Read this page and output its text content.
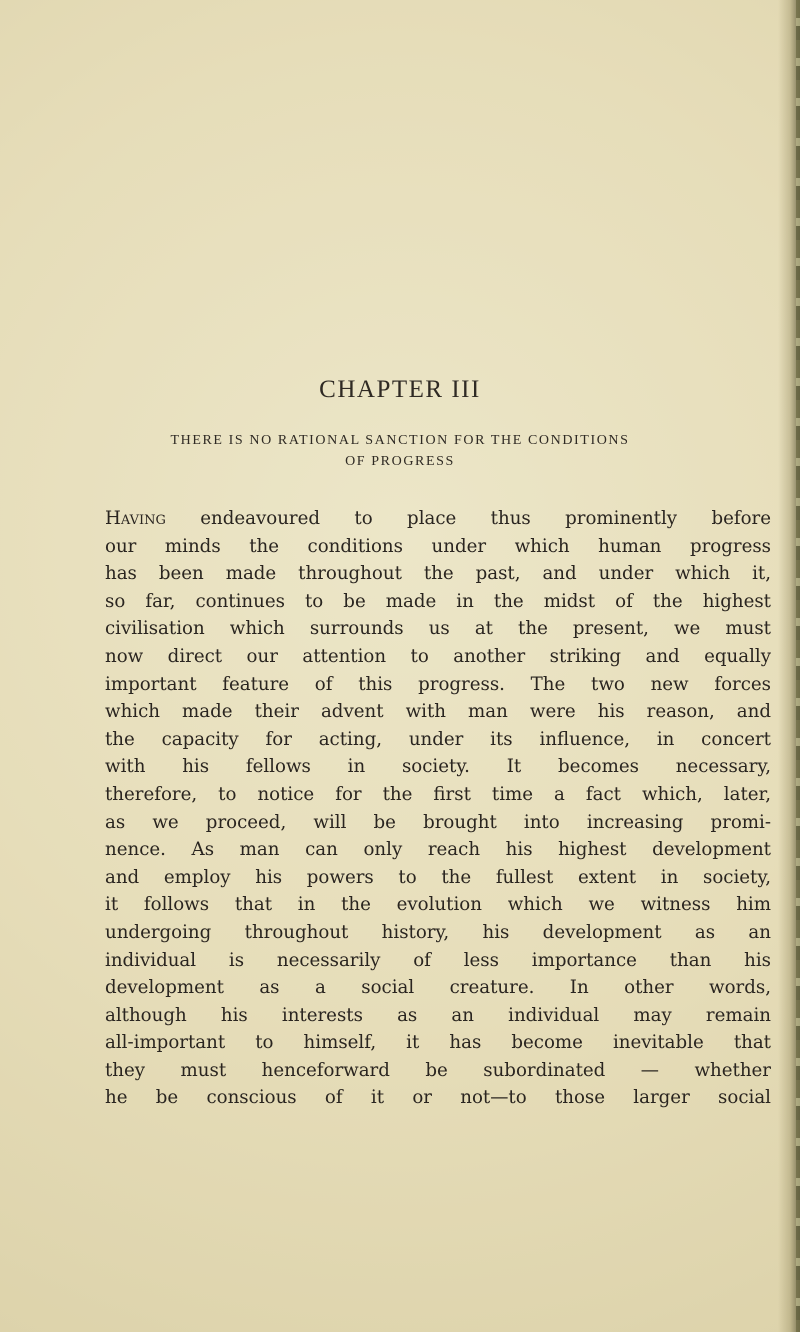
CHAPTER III
THERE IS NO RATIONAL SANCTION FOR THE CONDITIONS
OF PROGRESS
Having endeavoured to place thus prominently before
our minds the conditions under which human progress
has been made throughout the past, and under which it,
so far, continues to be made in the midst of the highest
civilisation which surrounds us at the present, we must
now direct our attention to another striking and equally
important feature of this progress. The two new forces
which made their advent with man were his reason, and
the capacity for acting, under its influence, in concert
with his fellows in society. It becomes necessary,
therefore, to notice for the first time a fact which, later,
as we proceed, will be brought into increasing promi-
nence. As man can only reach his highest development
and employ his powers to the fullest extent in society,
it follows that in the evolution which we witness him
undergoing throughout history, his development as an
individual is necessarily of less importance than his
development as a social creature. In other words,
although his interests as an individual may remain
all-important to himself, it has become inevitable that
they must henceforward be subordinated — whether
he be conscious of it or not—to those larger social
